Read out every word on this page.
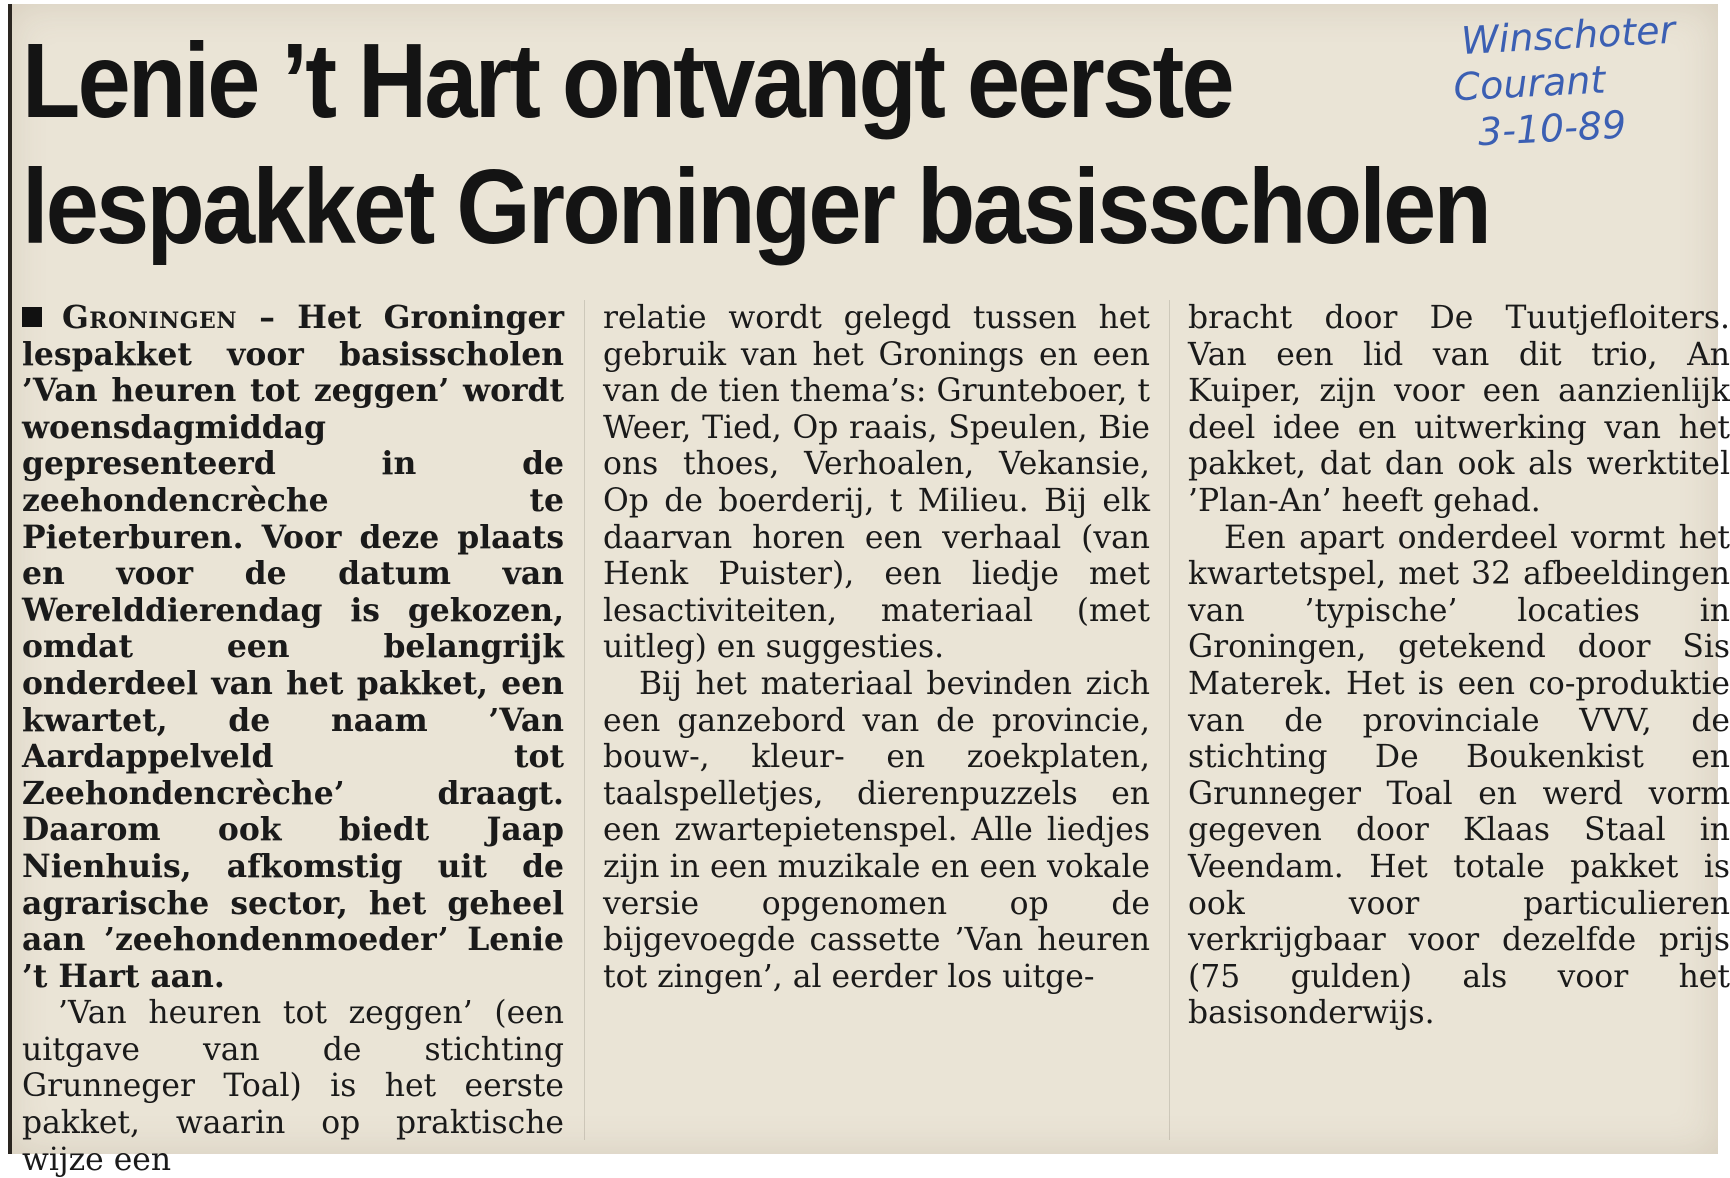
Lenie ’t Hart ontvangt eerste
lespakket Groninger basisscholen
Winschoter
Courant
3-10-89

Groningen – Het Groninger lespakket voor basisscholen ’Van heuren tot zeggen’ wordt woensdagmiddag gepresenteerd in de zeehondencrèche te Pieterburen. Voor deze plaats en voor de datum van Werelddierendag is gekozen, omdat een belangrijk onderdeel van het pakket, een kwartet, de naam ’Van Aardappelveld tot Zeehondencrèche’ draagt. Daarom ook biedt Jaap Nienhuis, afkomstig uit de agrarische sector, het geheel aan ’zeehondenmoeder’ Lenie ’t Hart aan.

’Van heuren tot zeggen’ (een uitgave van de stichting Grunneger Toal) is het eerste pakket, waarin op praktische wijze een

relatie wordt gelegd tussen het gebruik van het Gronings en een van de tien thema’s: Grunteboer, t Weer, Tied, Op raais, Speulen, Bie ons thoes, Verhoalen, Vekansie, Op de boerderij, t Milieu. Bij elk daarvan horen een verhaal (van Henk Puister), een liedje met lesactiviteiten, materiaal (met uitleg) en suggesties.

Bij het materiaal bevinden zich een ganzebord van de provincie, bouw-, kleur- en zoekplaten, taalspelletjes, dierenpuzzels en een zwartepietenspel. Alle liedjes zijn in een muzikale en een vokale versie opgenomen op de bijgevoegde cassette ’Van heuren tot zingen’, al eerder los uitge-

bracht door De Tuutjefloiters. Van een lid van dit trio, An Kuiper, zijn voor een aanzienlijk deel idee en uitwerking van het pakket, dat dan ook als werktitel ’Plan-An’ heeft gehad.

Een apart onderdeel vormt het kwartetspel, met 32 afbeeldingen van ’typische’ locaties in Groningen, getekend door Sis Materek. Het is een co-produktie van de provinciale VVV, de stichting De Boukenkist en Grunneger Toal en werd vorm gegeven door Klaas Staal in Veendam. Het totale pakket is ook voor particulieren verkrijgbaar voor dezelfde prijs (75 gulden) als voor het basisonderwijs.
